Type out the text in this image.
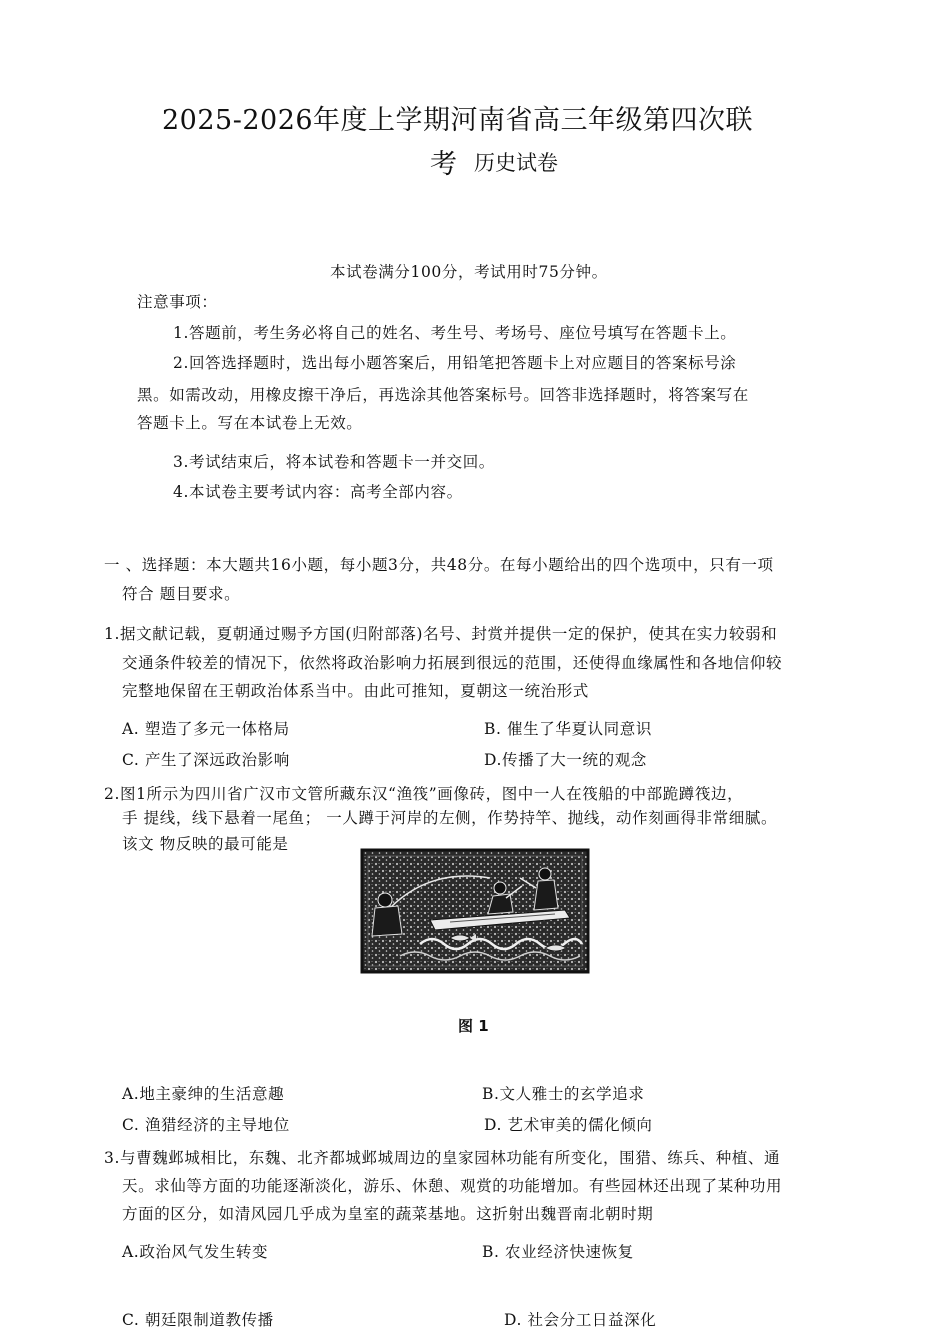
2025-2026年度上学期河南省高三年级第四次联
考 历史试卷
本试卷满分100分，考试用时75分钟。
注意事项：
1.答题前，考生务必将自己的姓名、考生号、考场号、座位号填写在答题卡上。
2.回答选择题时，选出每小题答案后，用铅笔把答题卡上对应题目的答案标号涂
黑。如需改动，用橡皮擦干净后，再选涂其他答案标号。回答非选择题时，将答案写在
答题卡上。写在本试卷上无效。
3.考试结束后，将本试卷和答题卡一并交回。
4.本试卷主要考试内容：高考全部内容。
一 、选择题：本大题共16小题，每小题3分，共48分。在每小题给出的四个选项中，只有一项
符合 题目要求。
1.据文献记载，夏朝通过赐予方国(归附部落)名号、封赏并提供一定的保护，使其在实力较弱和
交通条件较差的情况下，依然将政治影响力拓展到很远的范围，还使得血缘属性和各地信仰较
完整地保留在王朝政治体系当中。由此可推知，夏朝这一统治形式
A. 塑造了多元一体格局	B. 催生了华夏认同意识
C. 产生了深远政治影响	D.传播了大一统的观念
2.图1所示为四川省广汉市文管所藏东汉“渔筏”画像砖，图中一人在筏船的中部跪蹲筏边，
手 提线，线下悬着一尾鱼； 一人蹲于河岸的左侧，作势持竿、抛线，动作刻画得非常细腻。
该文 物反映的最可能是
图 1
A.地主豪绅的生活意趣	B.文人雅士的玄学追求
C. 渔猎经济的主导地位	D. 艺术审美的儒化倾向
3.与曹魏邺城相比，东魏、北齐都城邺城周边的皇家园林功能有所变化，围猎、练兵、种植、通
天。求仙等方面的功能逐渐淡化，游乐、休憩、观赏的功能增加。有些园林还出现了某种功用
方面的区分，如清风园几乎成为皇室的蔬菜基地。这折射出魏晋南北朝时期
A.政治风气发生转变	B. 农业经济快速恢复
C. 朝廷限制道教传播	D. 社会分工日益深化
